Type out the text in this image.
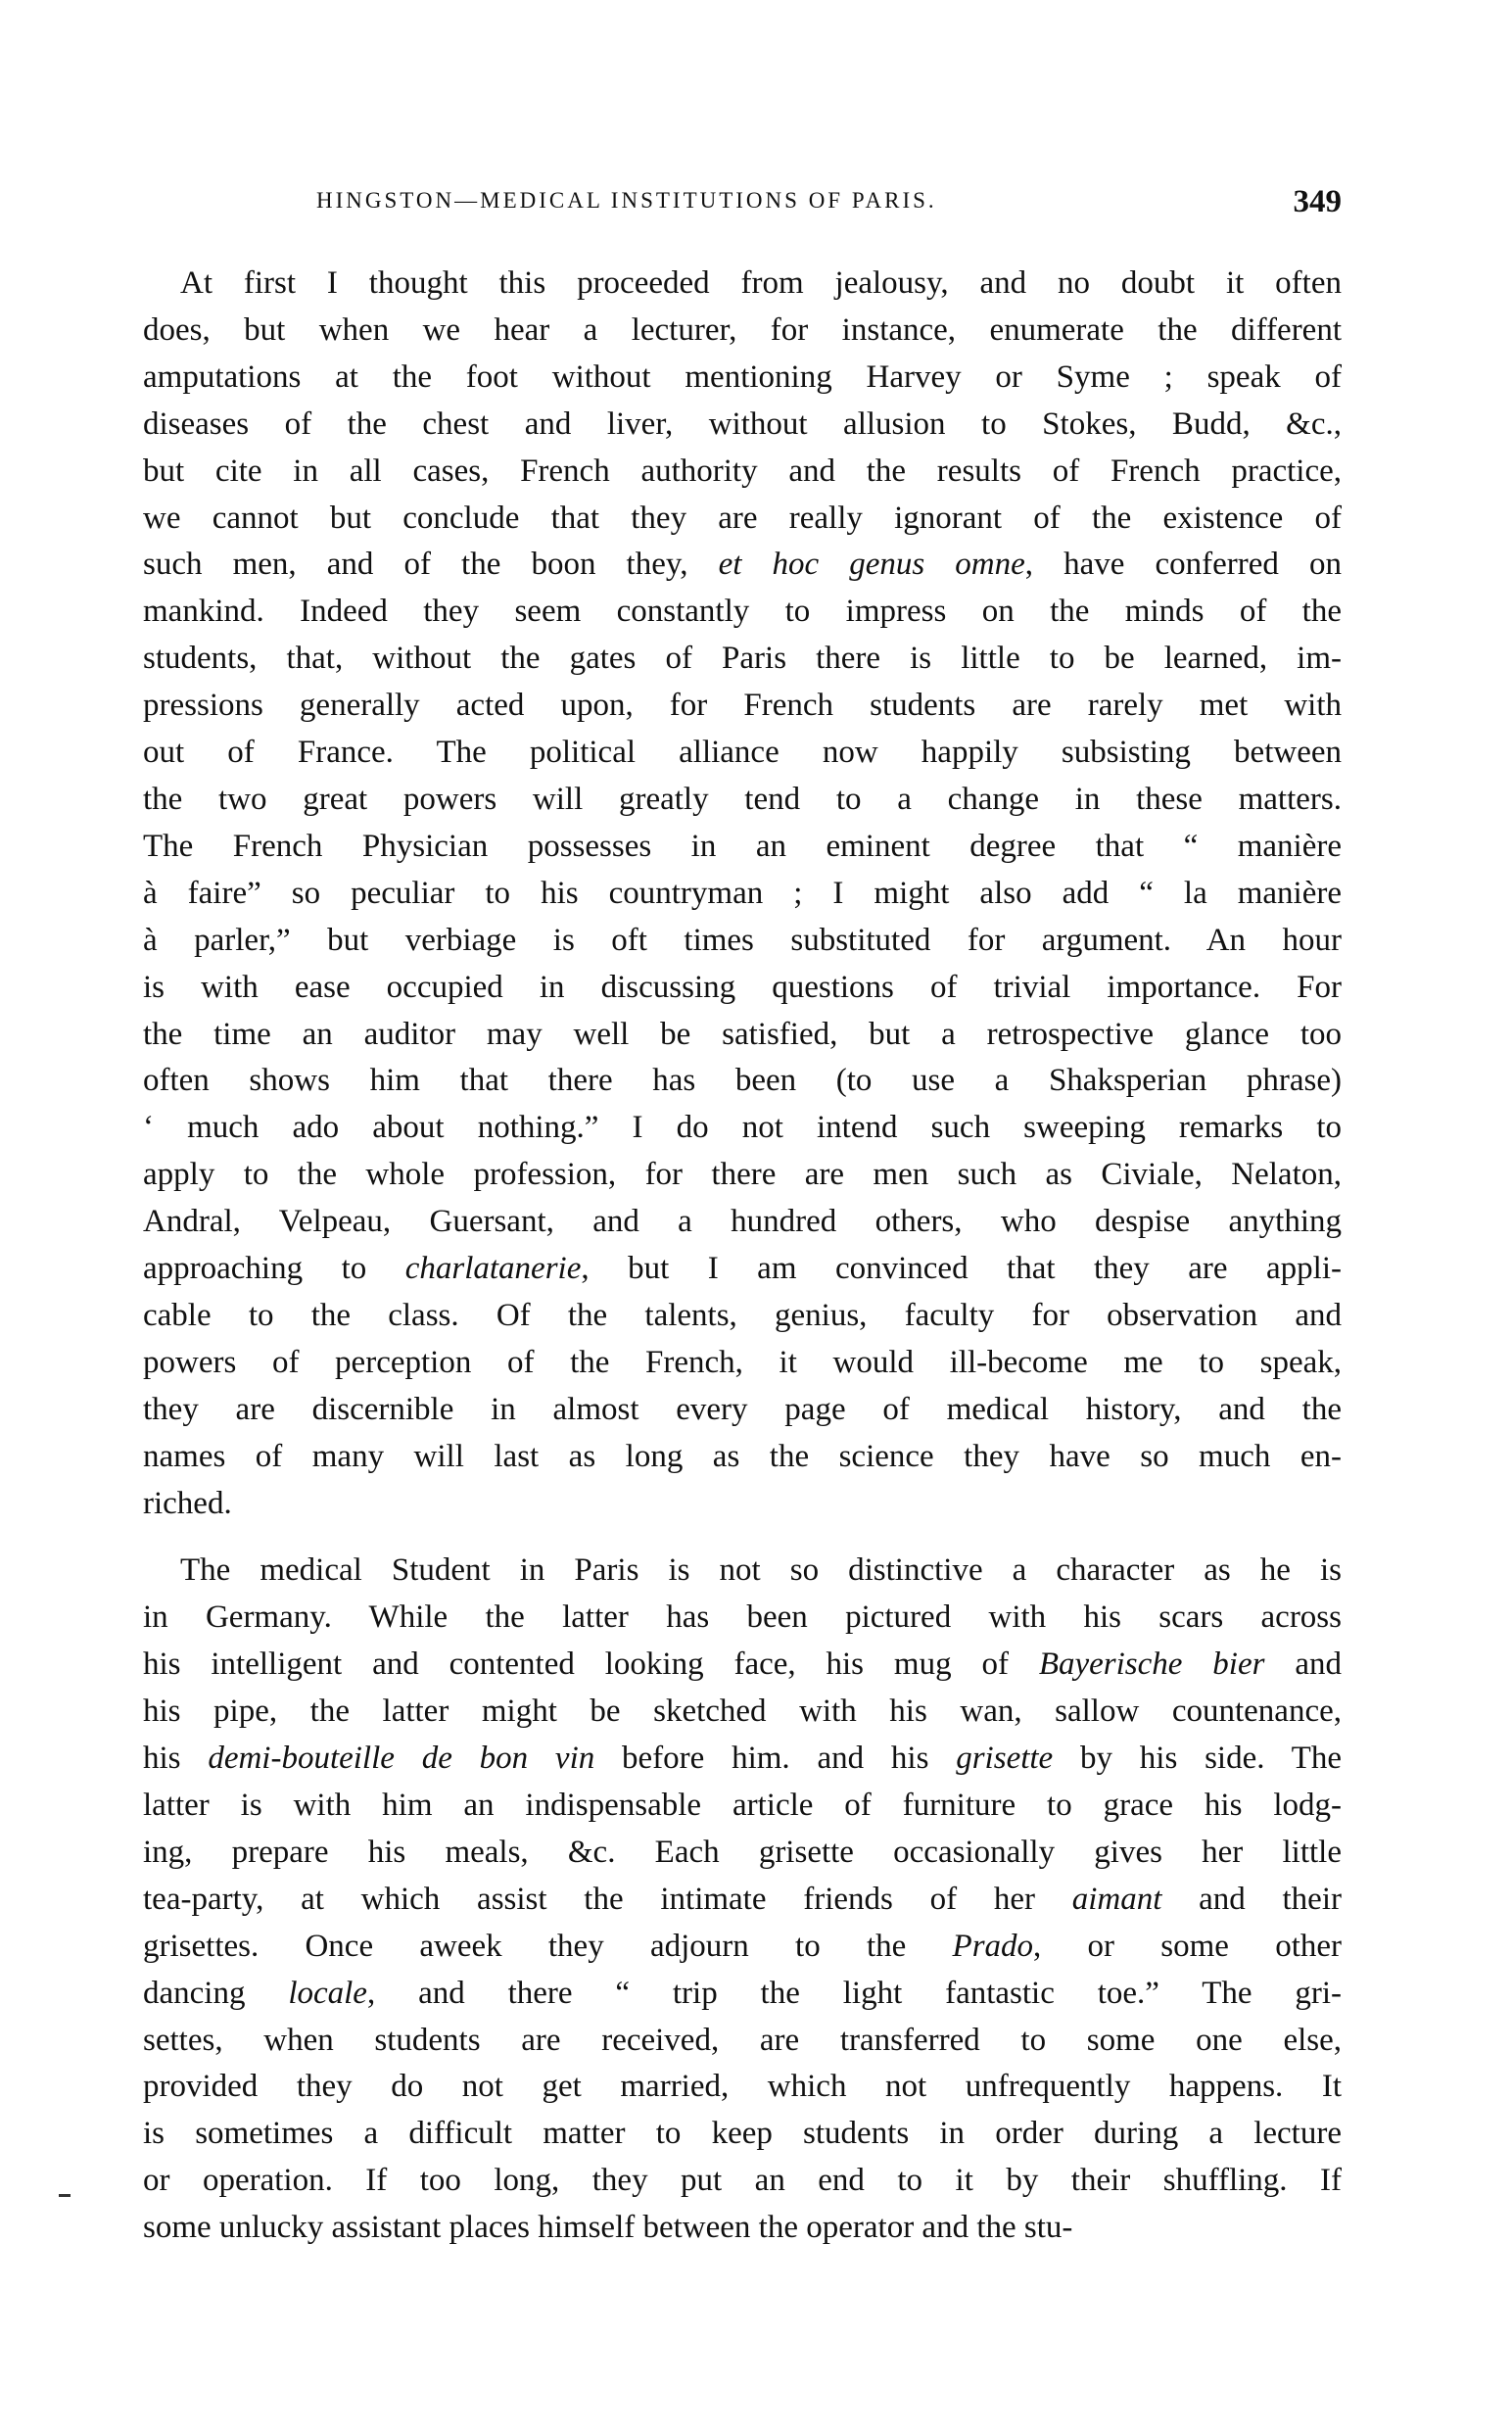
HINGSTON—MEDICAL INSTITUTIONS OF PARIS.	349
At first I thought this proceeded from jealousy, and no doubt it often
does, but when we hear a lecturer, for instance, enumerate the different
amputations at the foot without mentioning Harvey or Syme ; speak of
diseases of the chest and liver, without allusion to Stokes, Budd, &c.,
but cite in all cases, French authority and the results of French practice,
we cannot but conclude that they are really ignorant of the existence of
such men, and of the boon they, et hoc genus omne, have conferred on
mankind. Indeed they seem constantly to impress on the minds of the
students, that, without the gates of Paris there is little to be learned, im-
pressions generally acted upon, for French students are rarely met with
out of France. The political alliance now happily subsisting between
the two great powers will greatly tend to a change in these matters.
The French Physician possesses in an eminent degree that “ manière
à faire” so peculiar to his countryman ; I might also add “ la manière
à parler,” but verbiage is oft times substituted for argument. An hour
is with ease occupied in discussing questions of trivial importance. For
the time an auditor may well be satisfied, but a retrospective glance too
often shows him that there has been (to use a Shaksperian phrase)
‘ much ado about nothing.” I do not intend such sweeping remarks to
apply to the whole profession, for there are men such as Civiale, Nelaton,
Andral, Velpeau, Guersant, and a hundred others, who despise anything
approaching to charlatanerie, but I am convinced that they are appli-
cable to the class. Of the talents, genius, faculty for observation and
powers of perception of the French, it would ill-become me to speak,
they are discernible in almost every page of medical history, and the
names of many will last as long as the science they have so much en-
riched.
The medical Student in Paris is not so distinctive a character as he is
in Germany. While the latter has been pictured with his scars across
his intelligent and contented looking face, his mug of Bayerische bier and
his pipe, the latter might be sketched with his wan, sallow countenance,
his demi-bouteille de bon vin before him. and his grisette by his side. The
latter is with him an indispensable article of furniture to grace his lodg-
ing, prepare his meals, &c. Each grisette occasionally gives her little
tea-party, at which assist the intimate friends of her aimant and their
grisettes. Once aweek they adjourn to the Prado, or some other
dancing locale, and there “ trip the light fantastic toe.” The gri-
settes, when students are received, are transferred to some one else,
provided they do not get married, which not unfrequently happens. It
is sometimes a difficult matter to keep students in order during a lecture
or operation. If too long, they put an end to it by their shuffling. If
some unlucky assistant places himself between the operator and the stu-
